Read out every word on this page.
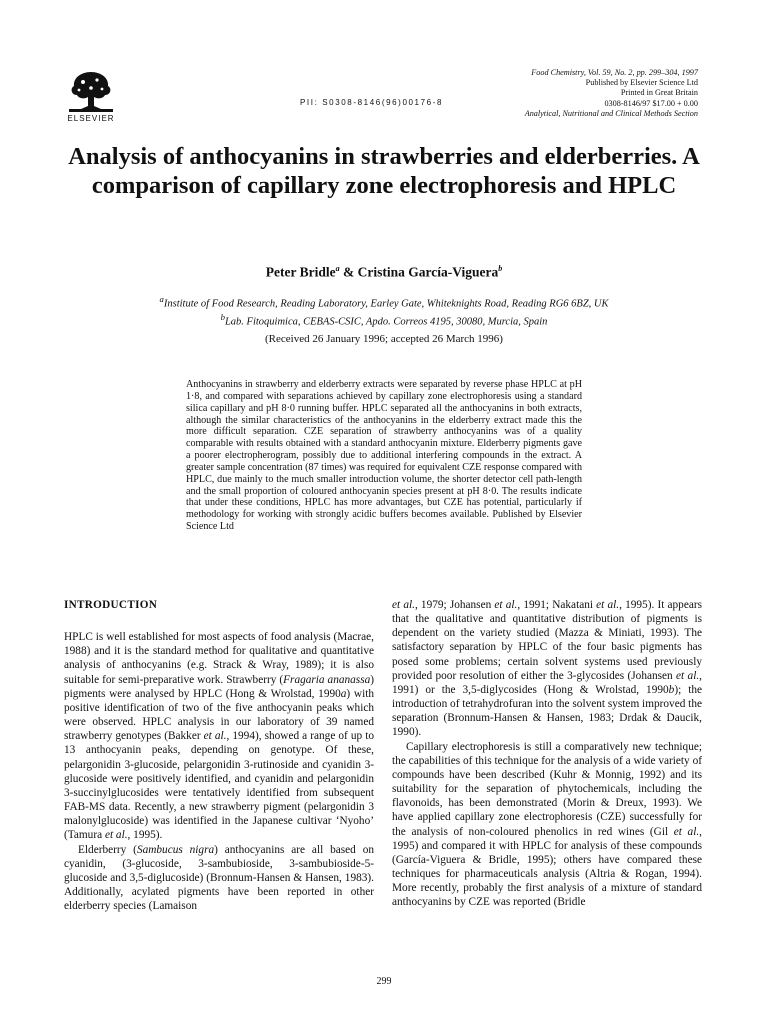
ELSEVIER
PII: S0308-8146(96)00176-8
Food Chemistry, Vol. 59, No. 2, pp. 299–304, 1997
Published by Elsevier Science Ltd
Printed in Great Britain
0308-8146/97 $17.00 + 0.00
Analytical, Nutritional and Clinical Methods Section
Analysis of anthocyanins in strawberries and elderberries. A comparison of capillary zone electrophoresis and HPLC
Peter Bridle$^a$ & Cristina García-Viguera$^b$
$^a$Institute of Food Research, Reading Laboratory, Earley Gate, Whiteknights Road, Reading RG6 6BZ, UK
$^b$Lab. Fitoquimica, CEBAS-CSIC, Apdo. Correos 4195, 30080, Murcia, Spain
(Received 26 January 1996; accepted 26 March 1996)
Anthocyanins in strawberry and elderberry extracts were separated by reverse phase HPLC at pH 1·8, and compared with separations achieved by capillary zone electrophoresis using a standard silica capillary and pH 8·0 running buffer. HPLC separated all the anthocyanins in both extracts, although the similar characteristics of the anthocyanins in the elderberry extract made this the more difficult separation. CZE separation of strawberry anthocyanins was of a quality comparable with results obtained with a standard anthocyanin mixture. Elderberry pigments gave a poorer electropherogram, possibly due to additional interfering compounds in the extract. A greater sample concentration (87 times) was required for equivalent CZE response compared with HPLC, due mainly to the much smaller introduction volume, the shorter detector cell path-length and the small proportion of coloured anthocyanin species present at pH 8·0. The results indicate that under these conditions, HPLC has more advantages, but CZE has potential, particularly if methodology for working with strongly acidic buffers becomes available. Published by Elsevier Science Ltd
INTRODUCTION

HPLC is well established for most aspects of food analysis (Macrae, 1988) and it is the standard method for qualitative and quantitative analysis of anthocyanins (e.g. Strack & Wray, 1989); it is also suitable for semi-preparative work. Strawberry (Fragaria ananassa) pigments were analysed by HPLC (Hong & Wrolstad, 1990a) with positive identification of two of the five anthocyanin peaks which were observed. HPLC analysis in our laboratory of 39 named strawberry genotypes (Bakker et al., 1994), showed a range of up to 13 anthocyanin peaks, depending on genotype. Of these, pelargonidin 3-glucoside, pelargonidin 3-rutinoside and cyanidin 3-glucoside were positively identified, and cyanidin and pelargonidin 3-succinylglucosides were tentatively identified from subsequent FAB-MS data. Recently, a new strawberry pigment (pelargonidin 3 malonylglucoside) was identified in the Japanese cultivar ‘Nyoho’ (Tamura et al., 1995).

Elderberry (Sambucus nigra) anthocyanins are all based on cyanidin, (3-glucoside, 3-sambubioside, 3-sambubioside-5-glucoside and 3,5-diglucoside) (Bronnum-Hansen & Hansen, 1983). Additionally, acylated pigments have been reported in other elderberry species (Lamaison

et al., 1979; Johansen et al., 1991; Nakatani et al., 1995). It appears that the qualitative and quantitative distribution of pigments is dependent on the variety studied (Mazza & Miniati, 1993). The satisfactory separation by HPLC of the four basic pigments has posed some problems; certain solvent systems used previously provided poor resolution of either the 3-glycosides (Johansen et al., 1991) or the 3,5-diglycosides (Hong & Wrolstad, 1990b); the introduction of tetrahydrofuran into the solvent system improved the separation (Bronnum-Hansen & Hansen, 1983; Drdak & Daucik, 1990).

Capillary electrophoresis is still a comparatively new technique; the capabilities of this technique for the analysis of a wide variety of compounds have been described (Kuhr & Monnig, 1992) and its suitability for the separation of phytochemicals, including the flavonoids, has been demonstrated (Morin & Dreux, 1993). We have applied capillary zone electrophoresis (CZE) successfully for the analysis of non-coloured phenolics in red wines (Gil et al., 1995) and compared it with HPLC for analysis of these compounds (García-Viguera & Bridle, 1995); others have compared these techniques for pharmaceuticals analysis (Altria & Rogan, 1994). More recently, probably the first analysis of a mixture of standard anthocyanins by CZE was reported (Bridle

299
